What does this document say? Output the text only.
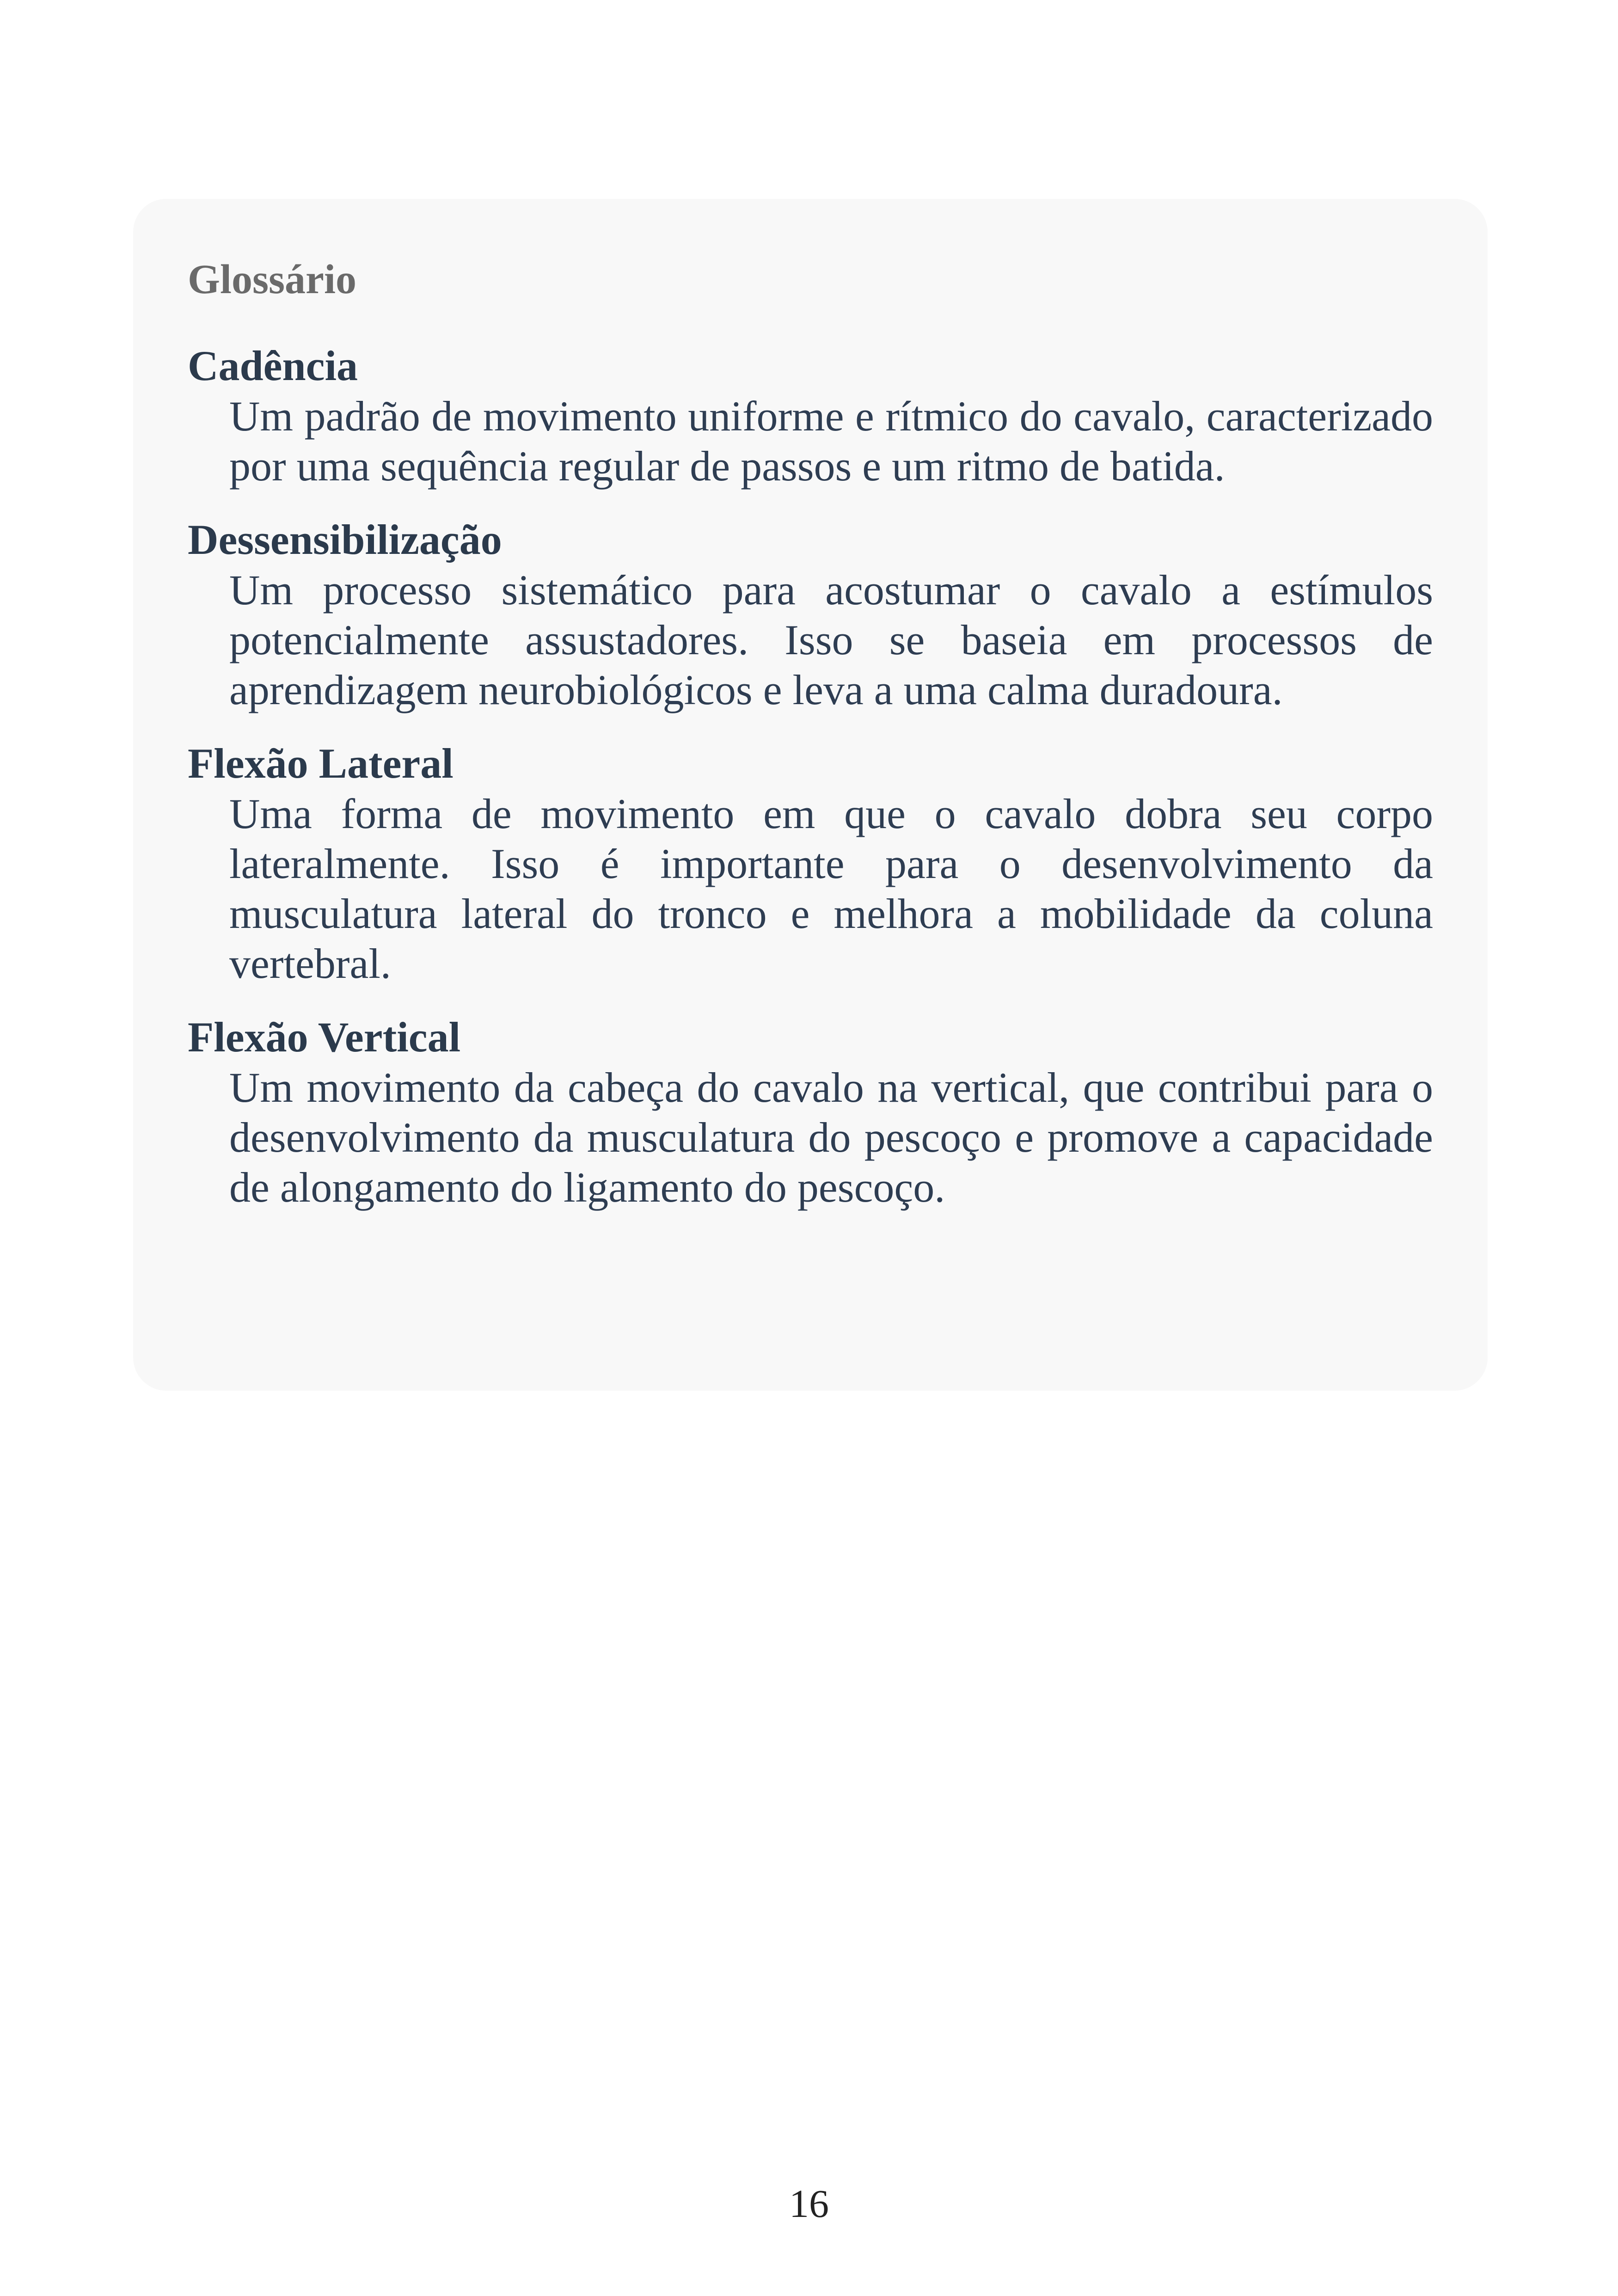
Glossário

Cadência

Um padrão de movimento uniforme e rítmico do cavalo, caracterizado por uma sequência regular de passos e um ritmo de batida.

Dessensibilização

Um processo sistemático para acostumar o cavalo a estímulos potencialmente assustadores. Isso se baseia em processos de aprendizagem neurobiológicos e leva a uma calma duradoura.

Flexão Lateral

Uma forma de movimento em que o cavalo dobra seu corpo lateralmente. Isso é importante para o desenvolvimento da musculatura lateral do tronco e melhora a mobilidade da coluna vertebral.

Flexão Vertical

Um movimento da cabeça do cavalo na vertical, que contribui para o desenvolvimento da musculatura do pescoço e promove a capacidade de alongamento do ligamento do pescoço.

16
